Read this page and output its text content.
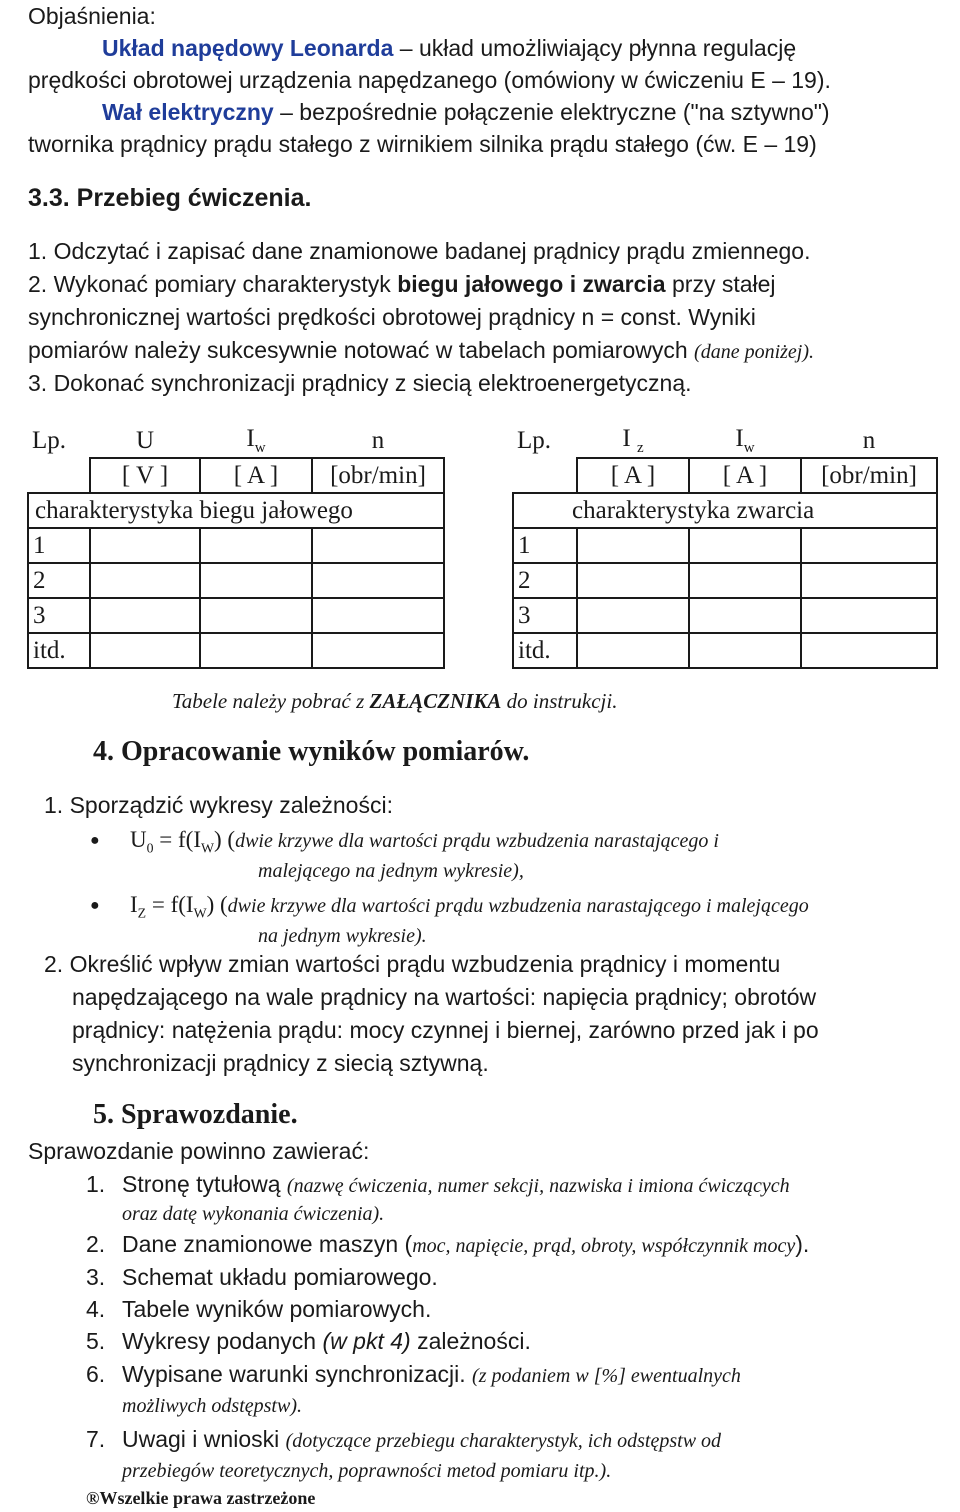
Objaśnienia:
Układ napędowy Leonarda – układ umożliwiający płynna regulację
prędkości obrotowej urządzenia napędzanego (omówiony w ćwiczeniu E – 19).
Wał elektryczny – bezpośrednie połączenie elektryczne ("na sztywno")
twornika prądnicy prądu stałego z wirnikiem silnika prądu stałego (ćw. E – 19)
3.3. Przebieg ćwiczenia.
1. Odczytać i zapisać dane znamionowe badanej prądnicy prądu zmiennego.
2. Wykonać pomiary charakterystyk biegu jałowego i zwarcia przy stałej
synchronicznej wartości prędkości obrotowej prądnicy n = const. Wyniki
pomiarów należy sukcesywnie notować w tabelach pomiarowych (dane poniżej).
3. Dokonać synchronizacji prądnicy z siecią elektroenergetyczną.
Lp.	U	$I_w$	n
	[ V ]	[ A ]	[obr/min]
charakterystyka biegu jałowego			
1			
2			
3			
itd.			
Lp.	I $_z$	$I_w$	n
	[ A ]	[ A ]	[obr/min]
charakterystyka zwarcia			
1			
2			
3			
itd.			
Tabele należy pobrać z ZAŁĄCZNIKA do instrukcji.
4. Opracowanie wyników pomiarów.
1. Sporządzić wykresy zależności:
● $U_0 = f(I_W)$ (dwie krzywe dla wartości prądu wzbudzenia narastającego i
malejącego na jednym wykresie),
● $I_Z = f(I_W)$ (dwie krzywe dla wartości prądu wzbudzenia narastającego i malejącego
na jednym wykresie).
2. Określić wpływ zmian wartości prądu wzbudzenia prądnicy i momentu
napędzającego na wale prądnicy na wartości: napięcia prądnicy; obrotów
prądnicy: natężenia prądu: mocy czynnej i biernej, zarówno przed jak i po
synchronizacji prądnicy z siecią sztywną.
5. Sprawozdanie.
Sprawozdanie powinno zawierać:
1. Stronę tytułową (nazwę ćwiczenia, numer sekcji, nazwiska i imiona ćwiczących
oraz datę wykonania ćwiczenia).
2. Dane znamionowe maszyn (moc, napięcie, prąd, obroty, współczynnik mocy).
3. Schemat układu pomiarowego.
4. Tabele wyników pomiarowych.
5. Wykresy podanych (w pkt 4) zależności.
6. Wypisane warunki synchronizacji. (z podaniem w [%] ewentualnych
możliwych odstępstw).
7. Uwagi i wnioski (dotyczące przebiegu charakterystyk, ich odstępstw od
przebiegów teoretycznych, poprawności metod pomiaru itp.).
®Wszelkie prawa zastrzeżone
